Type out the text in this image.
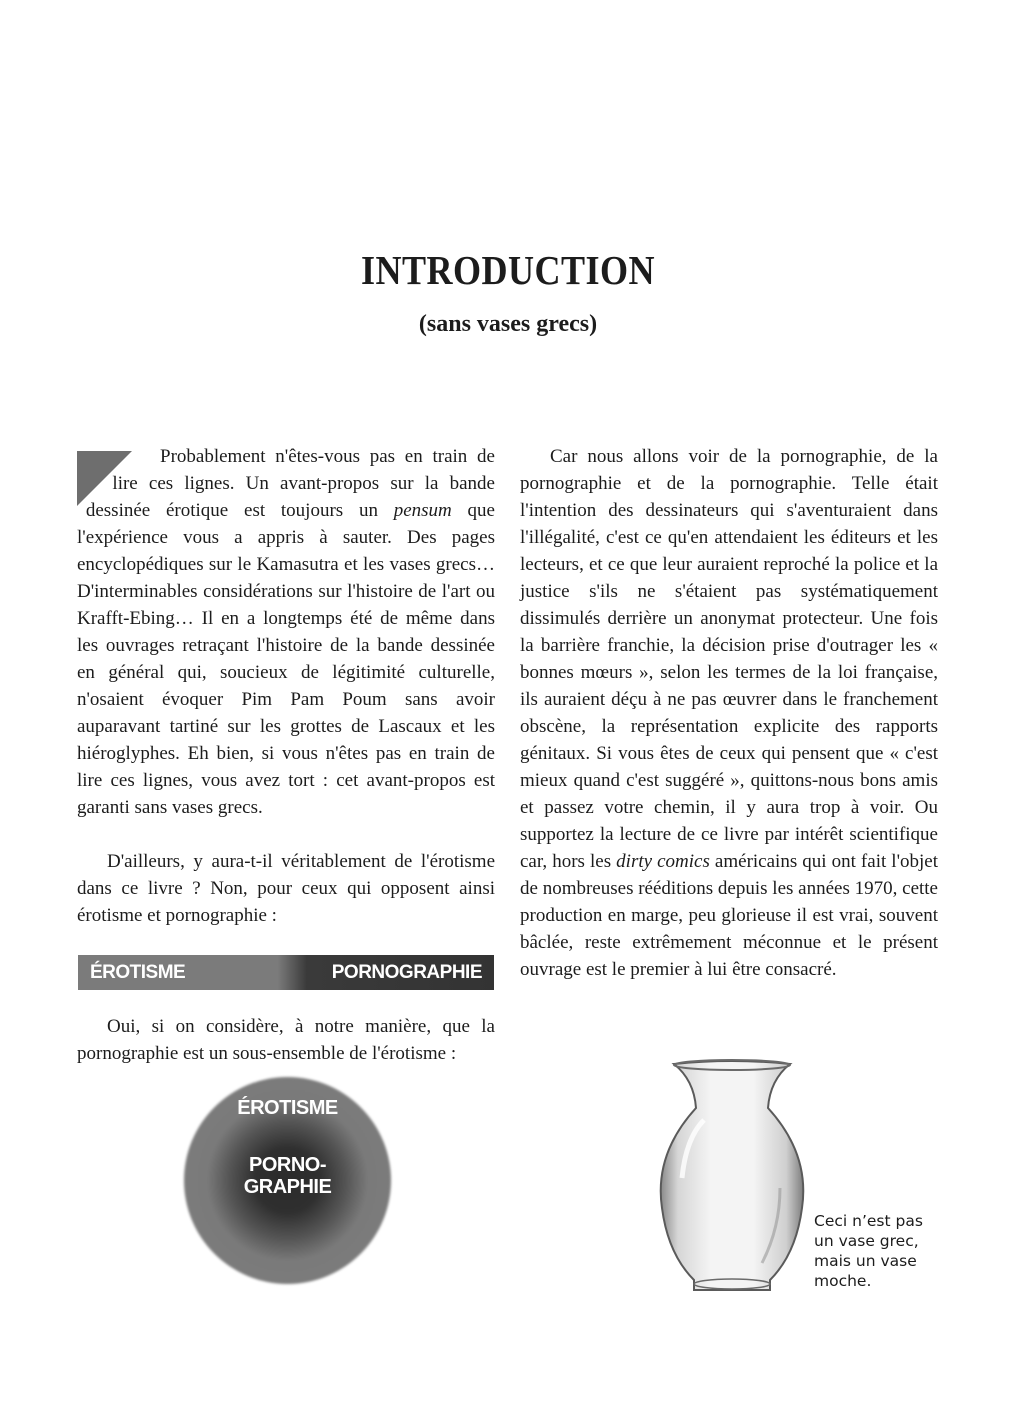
INTRODUCTION
(sans vases grecs)

Probablement n'êtes-vous pas en train de lire ces lignes. Un avant-propos sur la bande dessinée érotique est toujours un pensum que l'expérience vous a appris à sauter. Des pages encyclopédiques sur le Kamasutra et les vases grecs… D'interminables considérations sur l'histoire de l'art ou Krafft-Ebing… Il en a longtemps été de même dans les ouvrages retraçant l'histoire de la bande dessinée en général qui, soucieux de légitimité culturelle, n'osaient évoquer Pim Pam Poum sans avoir auparavant tartiné sur les grottes de Lascaux et les hiéroglyphes. Eh bien, si vous n'êtes pas en train de lire ces lignes, vous avez tort : cet avant-propos est garanti sans vases grecs.

D'ailleurs, y aura-t-il véritablement de l'érotisme dans ce livre ? Non, pour ceux qui opposent ainsi érotisme et pornographie :

ÉROTISME	PORNOGRAPHIE

Oui, si on considère, à notre manière, que la pornographie est un sous-ensemble de l'érotisme :

ÉROTISME
PORNO-
GRAPHIE

Car nous allons voir de la pornographie, de la pornographie et de la pornographie. Telle était l'intention des dessinateurs qui s'aventuraient dans l'illégalité, c'est ce qu'en attendaient les éditeurs et les lecteurs, et ce que leur auraient reproché la police et la justice s'ils ne s'étaient pas systématiquement dissimulés derrière un anonymat protecteur. Une fois la barrière franchie, la décision prise d'outrager les « bonnes mœurs », selon les termes de la loi française, ils auraient déçu à ne pas œuvrer dans le franchement obscène, la représentation explicite des rapports génitaux. Si vous êtes de ceux qui pensent que « c'est mieux quand c'est suggéré », quittons-nous bons amis et passez votre chemin, il y aura trop à voir. Ou supportez la lecture de ce livre par intérêt scientifique car, hors les dirty comics américains qui ont fait l'objet de nombreuses rééditions depuis les années 1970, cette production en marge, peu glorieuse il est vrai, souvent bâclée, reste extrêmement méconnue et le présent ouvrage est le premier à lui être consacré.

Ceci n’est pas
un vase grec,
mais un vase
moche.
